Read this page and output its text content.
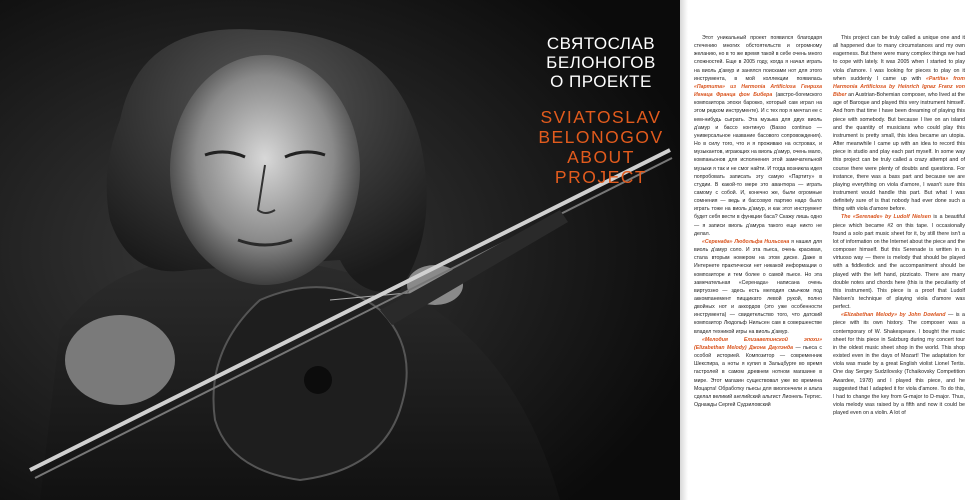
СВЯТОСЛАВ
БЕЛОНОГОВ
О ПРОЕКТЕ
SVIATOSLAV
BELONOGOV
ABOUT
PROJECT

Этот уникальный проект появился благодаря стечению многих обстоятельств и огромному желанию, но в то же время такой в себе очень много сложностей. Еще в 2005 году, когда я начал играть на виоль д'амур и занялся поисками нот для этого инструмента, в мой коллекции появилась «Партита» из Harmonia Artificiosa Генриха Игнаца Франца фон Бибера (австро-богемского композитора эпохи барокко, который сам играл на этом редком инструменте). И с тех пор я мечтал ее с кем-нибудь сыграть. Эта музыка для двух виоль д'амур и бассо континуо (Basso continuo — универсальное название басового сопровождения). Но в силу того, что и я проживаю на островах, и музыкантов, играющих на виоль д'амур, очень мало, компаньонов для исполнения этой замечательной музыки я так и не смог найти. И тогда возникла идея попробовать записать эту самую «Партиту» в студии. В какой-то мере это авантюра — играть самому с собой. И, конечно же, были огромные сомнения — ведь и бассовую партию надо было играть тоже на виоль д'амур, и как этот инструмент будет себя вести в функции баса? Скажу лишь одно — я записи виоль д'амура такого еще никто не делал.

«Серенада» Людольфа Нильсена я нашел для виоль д'амур соло. И эта пьеса, очень красивая, стала вторым номером на этом диске. Даже в Интернете практически нет никакой информации о композиторе и тем более о самой пьесе. Но эта замечательная «Серенада» написана очень виртуозно — здесь есть мелодия смычком под аккомпанемент пиццикато левой рукой, полно двойных нот и аккордов (это уже особенности инструмента) — свидетельство того, что датский композитор Людольф Нильсен сам в совершенстве владел техникой игры на виоль д'амур.

«Мелодия Елизаветинской эпохи» (Elizabethan Melody) Джона Даулэнда — пьеса с особой историей. Композитор — современник Шекспира, а ноты я купил в Зальцбурге во время гастролей в самом древнем нотном магазине в мире. Этот магазин существовал уже во времена Моцарта! Обработку пьесы для виолончели и альта сделал великий английский альтист Лионель Тертис. Однажды Сергей Судзиловский

This project can be truly called a unique one and it all happened due to many circumstances and my own eagerness. But there were many complex things we had to cope with lately. It was 2005 when I started to play viola d'amore. I was looking for pieces to play on it when suddenly I came up with «Partita» from Harmonia Artificiosa by Heinrich Ignaz Franz von Biber an Austrian-Bohemian composer, who lived at the age of Baroque and played this very instrument himself. And from that time I have been dreaming of playing this piece with somebody. But because I live on an island and the quantity of musicians who could play this instrument is pretty small, this idea became an utopia. After meanwhile I came up with an idea to record this piece in studio and play each part myself. In some way this project can be truly called a crazy attempt and of course there were plenty of doubts and questions. For instance, there was a bass part and because we are playing everything on viola d'amore, I wasn't sure this instrument would handle this part. But what I was definitely sure of is that nobody had ever done such a thing with viola d'amore before.

The «Serenade» by Ludolf Nielsen is a beautiful piece which became #2 on this tape. I occasionally found a solo part music sheet for it, by still there isn't a lot of information on the Internet about the piece and the composer himself. But this Serenade is written in a virtuoso way — there is melody that should be played with a fiddlestick and the accompaniment should be played with the left hand, pizzicato. There are many double notes and chords here (this is the peculiarity of this instrument). This piece is a proof that Ludolf Nielsen's technique of playing viola d'amore was perfect.

«Elizabethan Melody» by John Dowland — is a piece with its own history. The composer was a contemporary of W. Shakespeare. I bought the music sheet for this piece in Salzburg during my concert tour in the oldest music sheet shop in the world. This shop existed even in the days of Mozart! The adaptation for viola was made by a great English violist Lionel Tertis. One day Sergey Sudzilovsky (Tchaikovsky Competition Awardee, 1978) and I played this piece, and he suggested that I adapted it for viola d'amore. To do this, I had to change the key from G-major to D-major. Thus, viola melody was raised by a fifth and now it could be played even on a violin. A lot of
